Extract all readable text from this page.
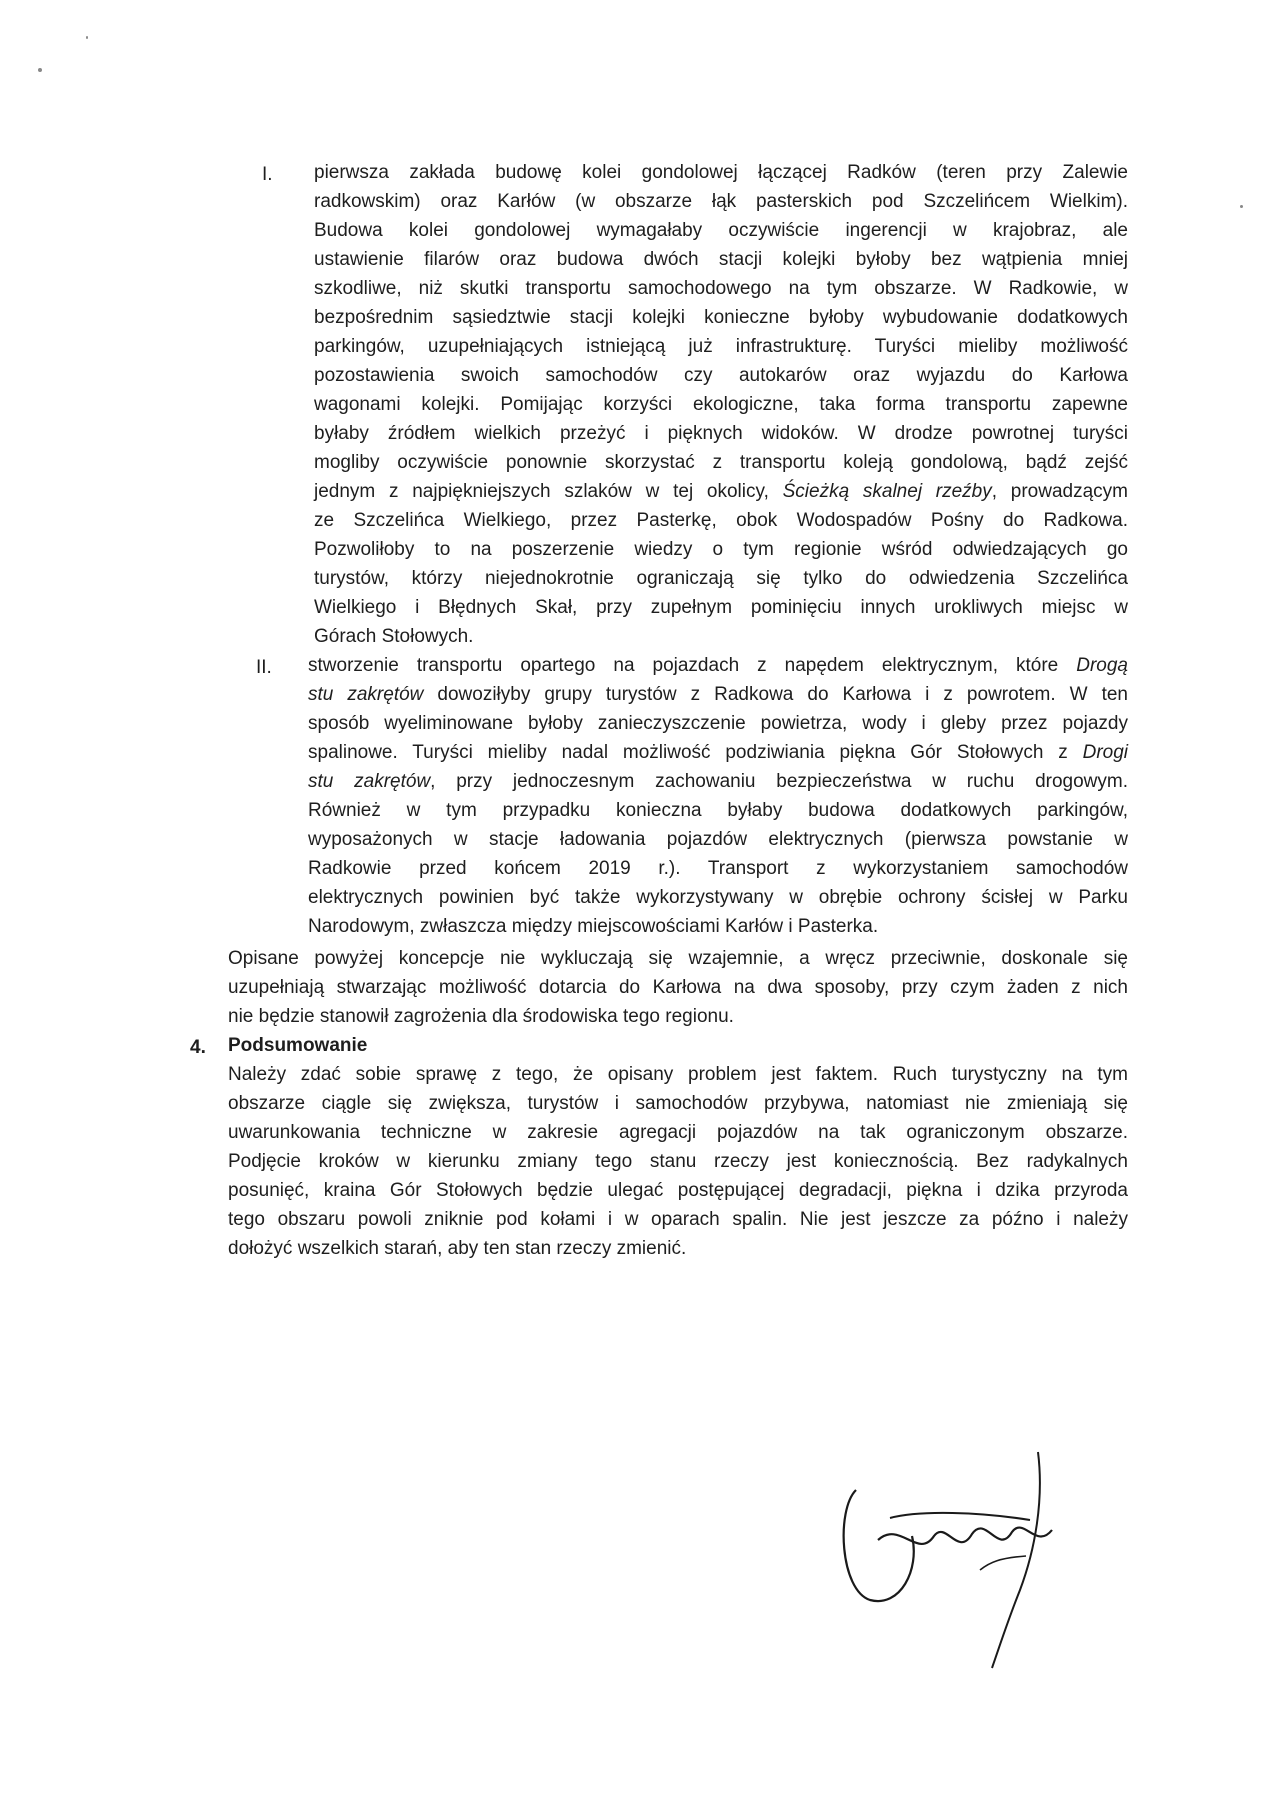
I. pierwsza zakłada budowę kolei gondolowej łączącej Radków (teren przy Zalewie
radkowskim) oraz Karłów (w obszarze łąk pasterskich pod Szczelińcem Wielkim).
Budowa kolei gondolowej wymagałaby oczywiście ingerencji w krajobraz, ale
ustawienie filarów oraz budowa dwóch stacji kolejki byłoby bez wątpienia mniej
szkodliwe, niż skutki transportu samochodowego na tym obszarze. W Radkowie, w
bezpośrednim sąsiedztwie stacji kolejki konieczne byłoby wybudowanie dodatkowych
parkingów, uzupełniających istniejącą już infrastrukturę. Turyści mieliby możliwość
pozostawienia swoich samochodów czy autokarów oraz wyjazdu do Karłowa
wagonami kolejki. Pomijając korzyści ekologiczne, taka forma transportu zapewne
byłaby źródłem wielkich przeżyć i pięknych widoków. W drodze powrotnej turyści
mogliby oczywiście ponownie skorzystać z transportu koleją gondolową, bądź zejść
jednym z najpiękniejszych szlaków w tej okolicy, Ścieżką skalnej rzeźby, prowadzącym
ze Szczelińca Wielkiego, przez Pasterkę, obok Wodospadów Pośny do Radkowa.
Pozwoliłoby to na poszerzenie wiedzy o tym regionie wśród odwiedzających go
turystów, którzy niejednokrotnie ograniczają się tylko do odwiedzenia Szczelińca
Wielkiego i Błędnych Skał, przy zupełnym pominięciu innych urokliwych miejsc w
Górach Stołowych.
II. stworzenie transportu opartego na pojazdach z napędem elektrycznym, które Drogą
stu zakrętów dowoziłyby grupy turystów z Radkowa do Karłowa i z powrotem. W ten
sposób wyeliminowane byłoby zanieczyszczenie powietrza, wody i gleby przez pojazdy
spalinowe. Turyści mieliby nadal możliwość podziwiania piękna Gór Stołowych z Drogi
stu zakrętów, przy jednoczesnym zachowaniu bezpieczeństwa w ruchu drogowym.
Również w tym przypadku konieczna byłaby budowa dodatkowych parkingów,
wyposażonych w stacje ładowania pojazdów elektrycznych (pierwsza powstanie w
Radkowie przed końcem 2019 r.). Transport z wykorzystaniem samochodów
elektrycznych powinien być także wykorzystywany w obrębie ochrony ścisłej w Parku
Narodowym, zwłaszcza między miejscowościami Karłów i Pasterka.
Opisane powyżej koncepcje nie wykluczają się wzajemnie, a wręcz przeciwnie, doskonale się
uzupełniają stwarzając możliwość dotarcia do Karłowa na dwa sposoby, przy czym żaden z nich
nie będzie stanowił zagrożenia dla środowiska tego regionu.
4. Podsumowanie
Należy zdać sobie sprawę z tego, że opisany problem jest faktem. Ruch turystyczny na tym
obszarze ciągle się zwiększa, turystów i samochodów przybywa, natomiast nie zmieniają się
uwarunkowania techniczne w zakresie agregacji pojazdów na tak ograniczonym obszarze.
Podjęcie kroków w kierunku zmiany tego stanu rzeczy jest koniecznością. Bez radykalnych
posunięć, kraina Gór Stołowych będzie ulegać postępującej degradacji, piękna i dzika przyroda
tego obszaru powoli zniknie pod kołami i w oparach spalin. Nie jest jeszcze za późno i należy
dołożyć wszelkich starań, aby ten stan rzeczy zmienić.
